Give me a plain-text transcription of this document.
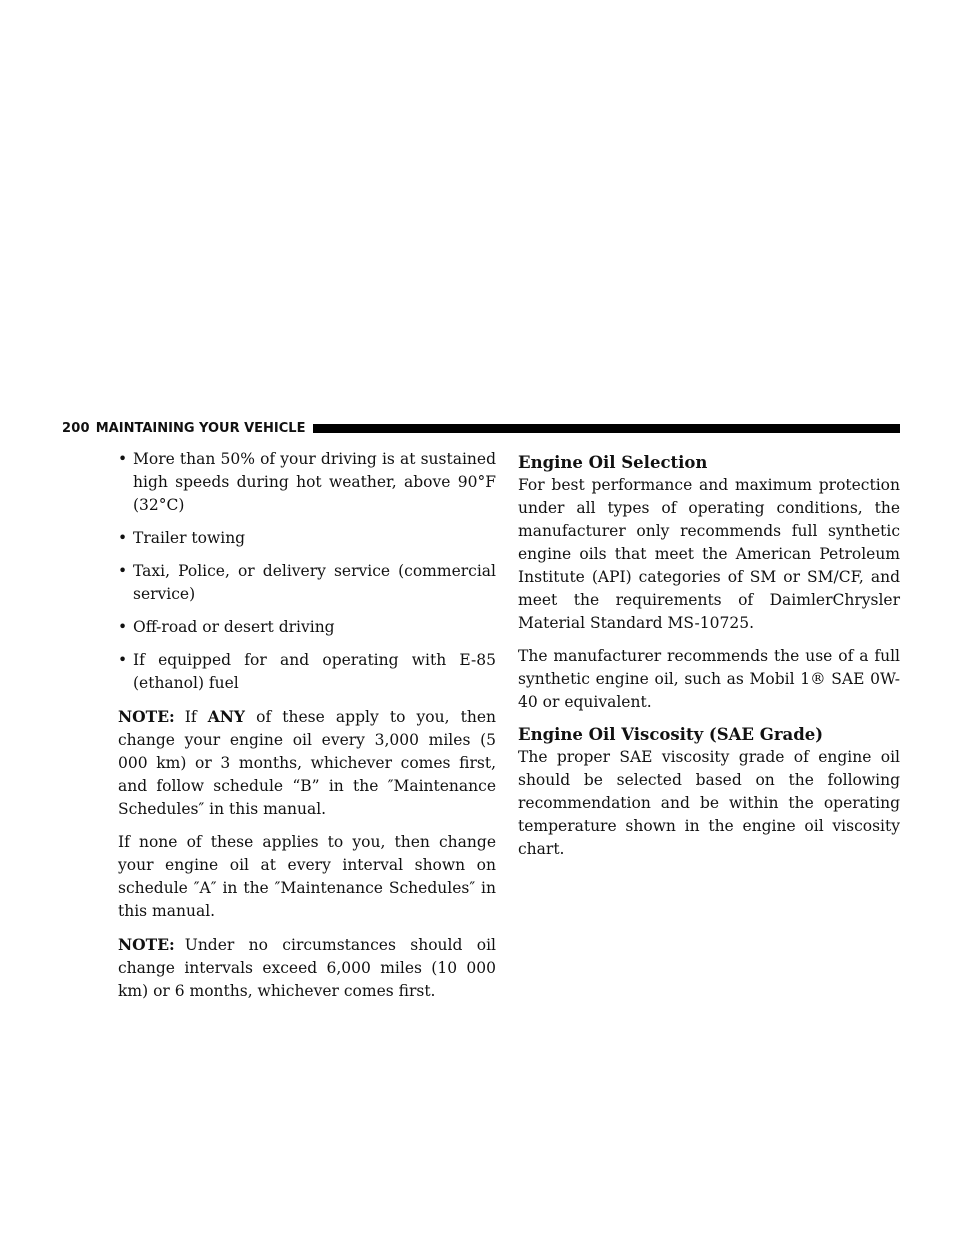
200 MAINTAINING YOUR VEHICLE
• More than 50% of your driving is at sustained high speeds during hot weather, above 90°F (32°C)
• Trailer towing
• Taxi, Police, or delivery service (commercial service)
• Off-road or desert driving
• If equipped for and operating with E-85 (ethanol) fuel

NOTE: If ANY of these apply to you, then change your engine oil every 3,000 miles (5 000 km) or 3 months, whichever comes first, and follow schedule “B” in the ″Maintenance Schedules″ in this manual.

If none of these applies to you, then change your engine oil at every interval shown on schedule ″A″ in the ″Maintenance Schedules″ in this manual.

NOTE: Under no circumstances should oil change intervals exceed 6,000 miles (10 000 km) or 6 months, whichever comes first.

Engine Oil Selection

For best performance and maximum protection under all types of operating conditions, the manufacturer only recommends full synthetic engine oils that meet the American Petroleum Institute (API) categories of SM or SM/CF, and meet the requirements of DaimlerChrysler Material Standard MS-10725.

The manufacturer recommends the use of a full synthetic engine oil, such as Mobil 1® SAE 0W-40 or equivalent.

Engine Oil Viscosity (SAE Grade)

The proper SAE viscosity grade of engine oil should be selected based on the following recommendation and be within the operating temperature shown in the engine oil viscosity chart.
